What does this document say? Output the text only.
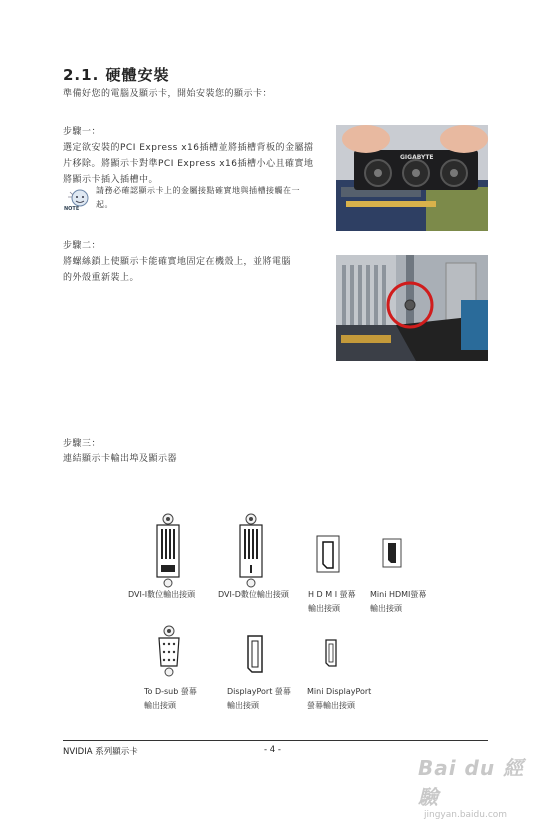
2.1. 硬體安裝
準備好您的電腦及顯示卡，開始安裝您的顯示卡：
步驟一：
選定欲安裝的PCI Express x16插槽並將插槽背板的金屬擋
片移除。將顯示卡對準PCI Express x16插槽小心且確實地
將顯示卡插入插槽中。
NOTE
請務必確認顯示卡上的金屬接點確實地與插槽接觸在一
起。
GIGABYTE
步驟二：
將螺絲鎖上使顯示卡能確實地固定在機殼上，並將電腦
的外殼重新裝上。
步驟三：
連結顯示卡輸出埠及顯示器
DVI-I數位輸出接頭	DVI-D數位輸出接頭 H D M I 螢幕
輸出接頭
Mini HDMI螢幕
輸出接頭
To D-sub 螢幕
輸出接頭
DisplayPort 螢幕
輸出接頭
Mini DisplayPort
螢幕輸出接頭
NVIDIA 系列顯示卡	- 4 -
Bai du 經驗
jingyan.baidu.com
